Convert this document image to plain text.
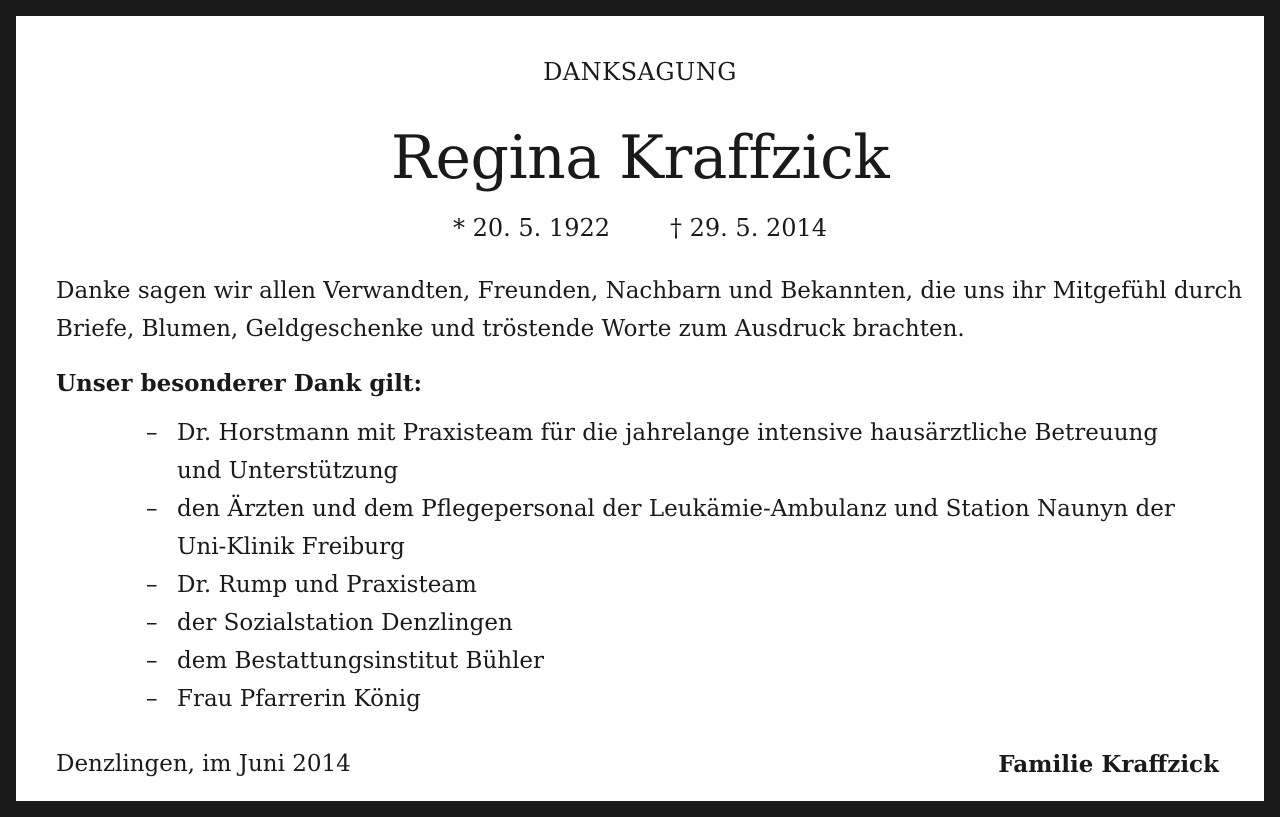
DANKSAGUNG
Regina Kraffzick
* 20. 5. 1922	† 29. 5. 2014
Danke sagen wir allen Verwandten, Freunden, Nachbarn und Bekannten, die uns ihr Mitgefühl durch Briefe, Blumen, Geldgeschenke und tröstende Worte zum Ausdruck brachten.
Unser besonderer Dank gilt:
– Dr. Horstmann mit Praxisteam für die jahrelange intensive hausärztliche Betreuung und Unterstützung
– den Ärzten und dem Pflegepersonal der Leukämie-Ambulanz und Station Naunyn der Uni-Klinik Freiburg
– Dr. Rump und Praxisteam
– der Sozialstation Denzlingen
– dem Bestattungsinstitut Bühler
– Frau Pfarrerin König
Denzlingen, im Juni 2014	Familie Kraffzick
